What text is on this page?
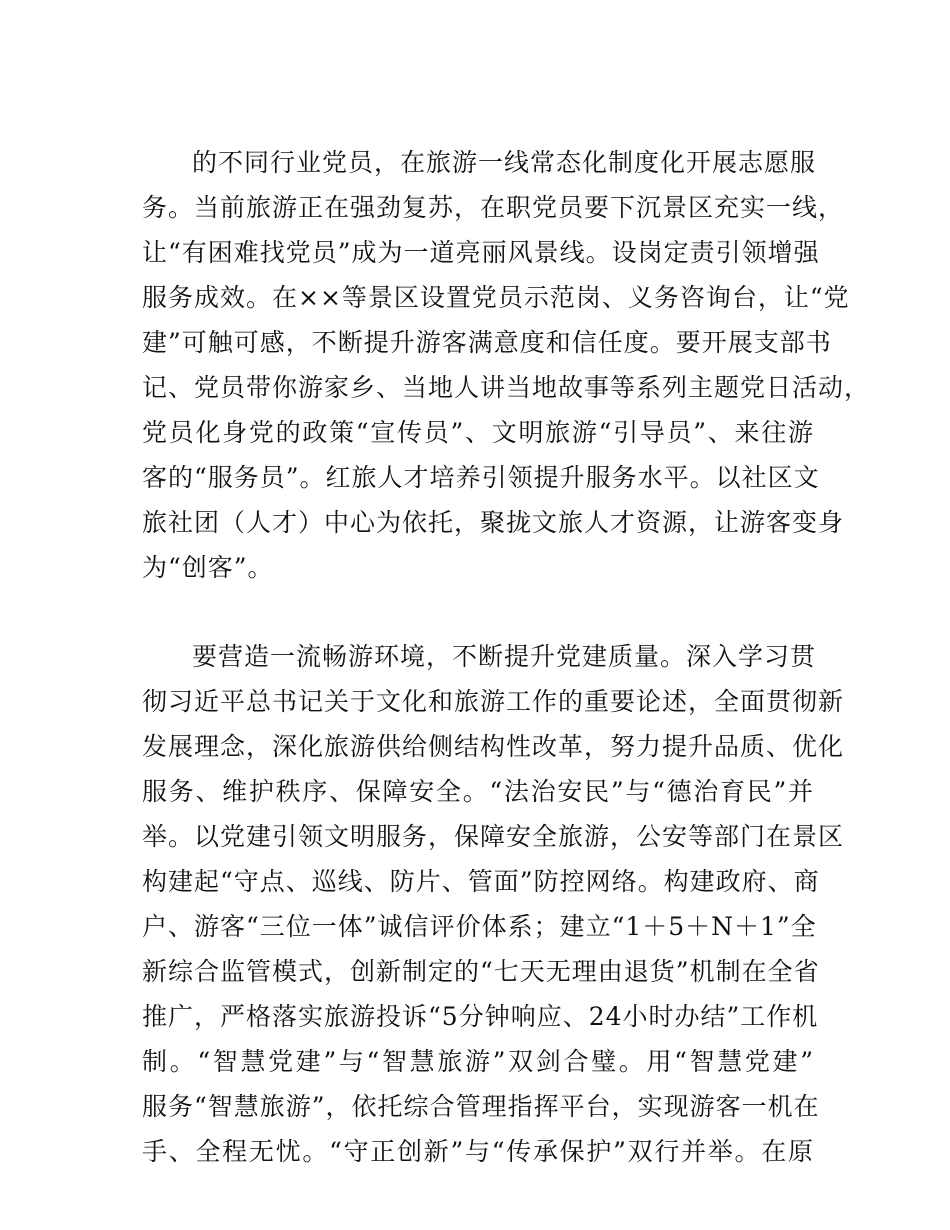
的不同行业党员，在旅游一线常态化制度化开展志愿服
务。当前旅游正在强劲复苏，在职党员要下沉景区充实一线，
让“有困难找党员”成为一道亮丽风景线。设岗定责引领增强
服务成效。在××等景区设置党员示范岗、义务咨询台，让“党
建”可触可感，不断提升游客满意度和信任度。要开展支部书
记、党员带你游家乡、当地人讲当地故事等系列主题党日活动，
党员化身党的政策“宣传员”、文明旅游“引导员”、来往游
客的“服务员”。红旅人才培养引领提升服务水平。以社区文
旅社团（人才）中心为依托，聚拢文旅人才资源，让游客变身
为“创客”。
要营造一流畅游环境，不断提升党建质量。深入学习贯
彻习近平总书记关于文化和旅游工作的重要论述，全面贯彻新
发展理念，深化旅游供给侧结构性改革，努力提升品质、优化
服务、维护秩序、保障安全。“法治安民”与“德治育民”并
举。以党建引领文明服务，保障安全旅游，公安等部门在景区
构建起“守点、巡线、防片、管面”防控网络。构建政府、商
户、游客“三位一体”诚信评价体系；建立“1＋5＋N＋1”全
新综合监管模式，创新制定的“七天无理由退货”机制在全省
推广，严格落实旅游投诉“5分钟响应、24小时办结”工作机
制。“智慧党建”与“智慧旅游”双剑合璧。用“智慧党建”
服务“智慧旅游”，依托综合管理指挥平台，实现游客一机在
手、全程无忧。“守正创新”与“传承保护”双行并举。在原
